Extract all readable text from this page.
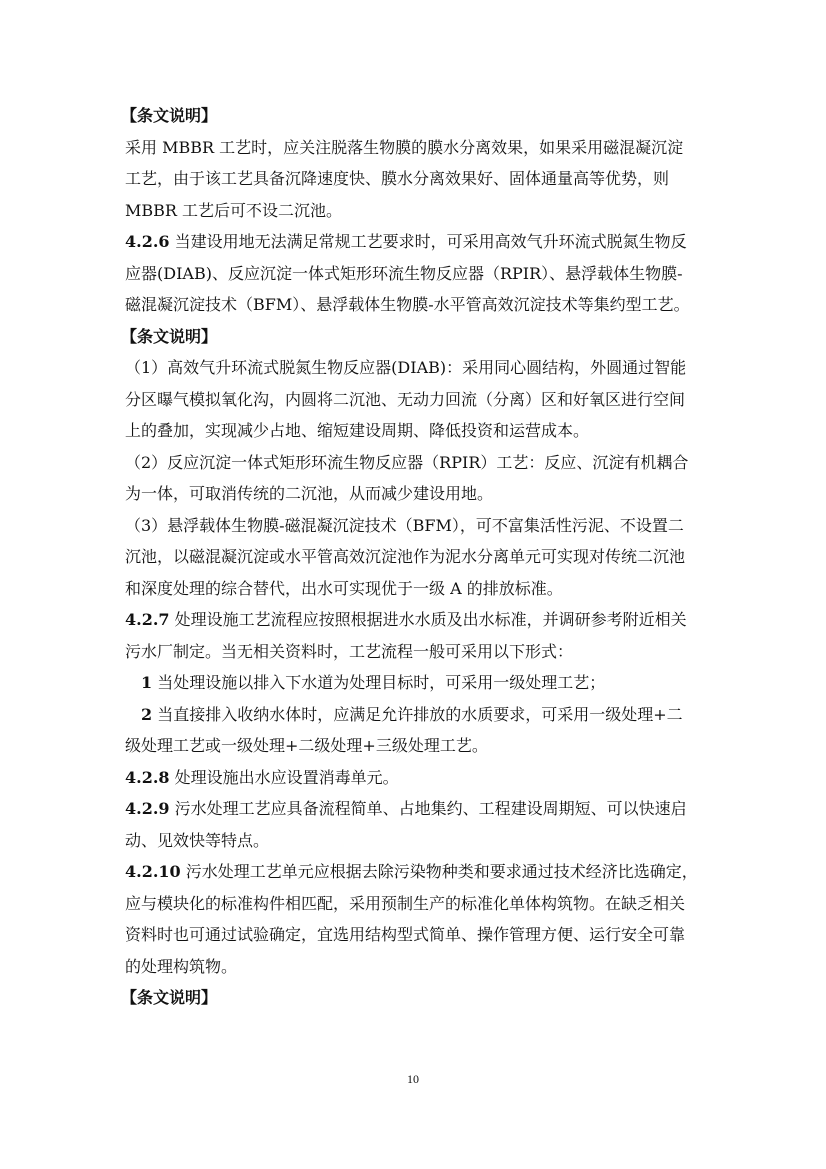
【条文说明】
采用 MBBR 工艺时，应关注脱落生物膜的膜水分离效果，如果采用磁混凝沉淀
工艺，由于该工艺具备沉降速度快、膜水分离效果好、固体通量高等优势，则
MBBR 工艺后可不设二沉池。
4.2.6 当建设用地无法满足常规工艺要求时，可采用高效气升环流式脱氮生物反
应器(DIAB)、反应沉淀一体式矩形环流生物反应器（RPIR）、悬浮载体生物膜-
磁混凝沉淀技术（BFM）、悬浮载体生物膜-水平管高效沉淀技术等集约型工艺。
【条文说明】
（1）高效气升环流式脱氮生物反应器(DIAB)：采用同心圆结构，外圆通过智能
分区曝气模拟氧化沟，内圆将二沉池、无动力回流（分离）区和好氧区进行空间
上的叠加，实现减少占地、缩短建设周期、降低投资和运营成本。
（2）反应沉淀一体式矩形环流生物反应器（RPIR）工艺：反应、沉淀有机耦合
为一体，可取消传统的二沉池，从而减少建设用地。
（3）悬浮载体生物膜-磁混凝沉淀技术（BFM），可不富集活性污泥、不设置二
沉池，以磁混凝沉淀或水平管高效沉淀池作为泥水分离单元可实现对传统二沉池
和深度处理的综合替代，出水可实现优于一级 A 的排放标准。
4.2.7 处理设施工艺流程应按照根据进水水质及出水标准，并调研参考附近相关
污水厂制定。当无相关资料时，工艺流程一般可采用以下形式：
1 当处理设施以排入下水道为处理目标时，可采用一级处理工艺；
2 当直接排入收纳水体时，应满足允许排放的水质要求，可采用一级处理+二
级处理工艺或一级处理+二级处理+三级处理工艺。
4.2.8 处理设施出水应设置消毒单元。
4.2.9 污水处理工艺应具备流程简单、占地集约、工程建设周期短、可以快速启
动、见效快等特点。
4.2.10 污水处理工艺单元应根据去除污染物种类和要求通过技术经济比选确定，
应与模块化的标准构件相匹配，采用预制生产的标准化单体构筑物。在缺乏相关
资料时也可通过试验确定，宜选用结构型式简单、操作管理方便、运行安全可靠
的处理构筑物。
【条文说明】
10
